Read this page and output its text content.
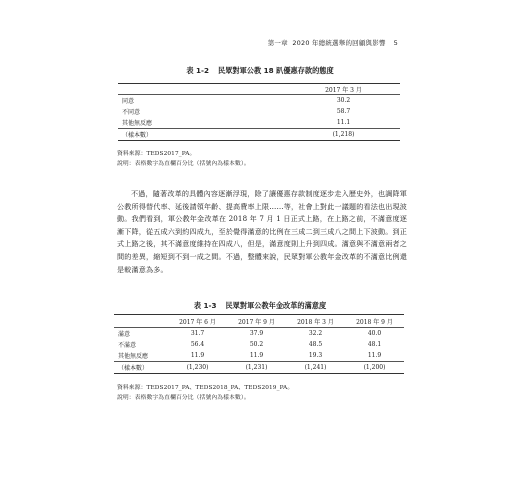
第一章 2020 年總統選舉的回顧與影響 5
表 1-2 民眾對軍公教 18 趴優惠存款的態度
	2017 年 3 月
同意	30.2
不同意	58.7
其他無反應	11.1
（樣本數）	(1,218)
資料來源：TEDS2017_PA。
說明：表格數字為直欄百分比（括號內為樣本數）。

不過，隨著改革的具體內容逐漸浮現，除了讓優惠存款制度逐步走入歷史外，也調降軍公教所得替代率、延後請領年齡、提高費率上限……等，社會上對此一議題的看法也出現波動。我們看到，軍公教年金改革在 2018 年 7 月 1 日正式上路，在上路之前，不滿意度逐漸下降，從五成六到約四成九，至於覺得滿意的比例在三成二到三成八之間上下波動。到正式上路之後，其不滿意度維持在四成八，但是，滿意度則上升到四成。滿意與不滿意兩者之間的差異，縮短到不到一成之間。不過，整體來說，民眾對軍公教年金改革的不滿意比例還是較滿意為多。

表 1-3 民眾對軍公教年金改革的滿意度
	2017 年 6 月	2017 年 9 月	2018 年 3 月	2018 年 9 月
滿意	31.7	37.9	32.2	40.0
不滿意	56.4	50.2	48.5	48.1
其他無反應	11.9	11.9	19.3	11.9
（樣本數）	(1,230)	(1,231)	(1,241)	(1,200)
資料來源：TEDS2017_PA、TEDS2018_PA、TEDS2019_PA。
說明：表格數字為直欄百分比（括號內為樣本數）。
